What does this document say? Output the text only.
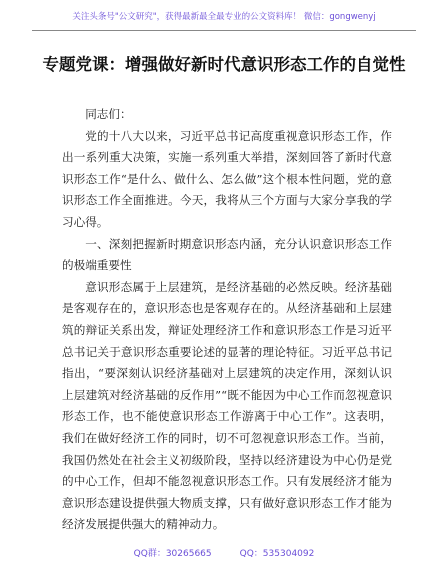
关注头条号"公文研究"，获得最新最全最专业的公文资料库！ 微信：gongwenyj
专题党课：增强做好新时代意识形态工作的自觉性

同志们：

党的十八大以来，习近平总书记高度重视意识形态工作，作出一系列重大决策，实施一系列重大举措，深刻回答了新时代意识形态工作“是什么、做什么、怎么做”这个根本性问题，党的意识形态工作全面推进。今天，我将从三个方面与大家分享我的学习心得。

一、深刻把握新时期意识形态内涵，充分认识意识形态工作的极端重要性

意识形态属于上层建筑，是经济基础的必然反映。经济基础是客观存在的，意识形态也是客观存在的。从经济基础和上层建筑的辩证关系出发，辩证处理经济工作和意识形态工作是习近平总书记关于意识形态重要论述的显著的理论特征。习近平总书记指出，“要深刻认识经济基础对上层建筑的决定作用，深刻认识上层建筑对经济基础的反作用”“既不能因为中心工作而忽视意识形态工作，也不能使意识形态工作游离于中心工作”。这表明，我们在做好经济工作的同时，切不可忽视意识形态工作。当前，我国仍然处在社会主义初级阶段，坚持以经济建设为中心仍是党的中心工作，但却不能忽视意识形态工作。只有发展经济才能为意识形态建设提供强大物质支撑，只有做好意识形态工作才能为经济发展提供强大的精神动力。

QQ群：30265665	QQ：535304092
